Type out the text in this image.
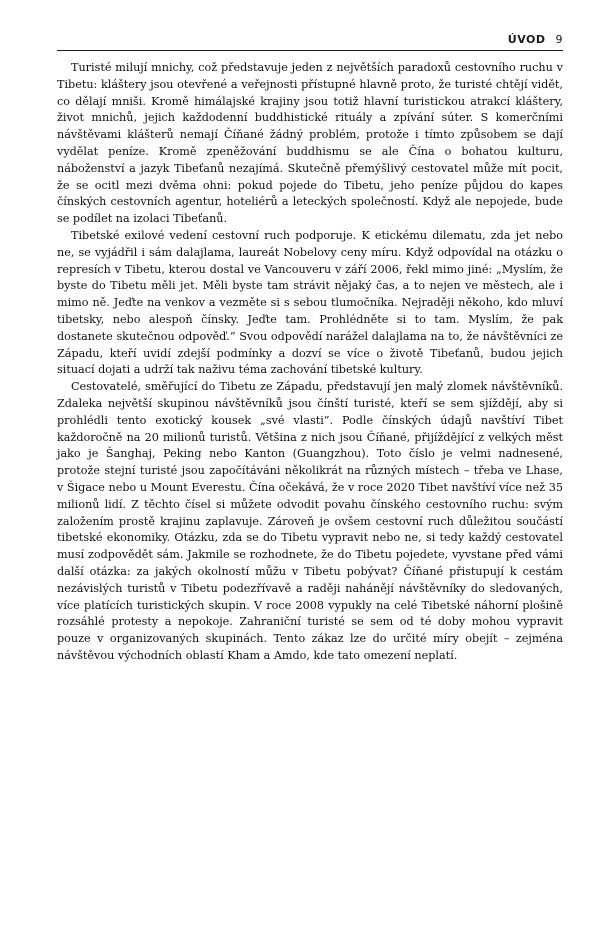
ÚVOD 9

Turisté milují mnichy, což představuje jeden z největších paradoxů cestovního ruchu v Tibetu: kláštery jsou otevřené a veřejnosti přístupné hlavně proto, že turisté chtějí vidět, co dělají mniši. Kromě himálajské krajiny jsou totiž hlavní turistickou atrakcí kláštery, život mnichů, jejich každodenní buddhistické rituály a zpívání súter. S komerčními návštěvami klášterů nemají Číňané žádný problém, protože i tímto způsobem se dají vydělat peníze. Kromě zpeněžování buddhismu se ale Čína o bohatou kulturu, náboženství a jazyk Tibeťanů nezajímá. Skutečně přemýšlivý cestovatel může mít pocit, že se ocitl mezi dvěma ohni: pokud pojede do Tibetu, jeho peníze půjdou do kapes čínských cestovních agentur, hoteliérů a leteckých společností. Když ale nepojede, bude se podílet na izolaci Tibeťanů.

Tibetské exilové vedení cestovní ruch podporuje. K etickému dilematu, zda jet nebo ne, se vyjádřil i sám dalajlama, laureát Nobelovy ceny míru. Když odpovídal na otázku o represích v Tibetu, kterou dostal ve Vancouveru v září 2006, řekl mimo jiné: „Myslím, že byste do Tibetu měli jet. Měli byste tam strávit nějaký čas, a to nejen ve městech, ale i mimo ně. Jeďte na venkov a vezměte si s sebou tlumočníka. Nejraději někoho, kdo mluví tibetsky, nebo alespoň čínsky. Jeďte tam. Prohlédněte si to tam. Myslím, že pak dostanete skutečnou odpověď.“ Svou odpovědí narážel dalajlama na to, že návštěvníci ze Západu, kteří uvidí zdejší podmínky a dozví se více o životě Tibeťanů, budou jejich situací dojati a udrží tak naživu téma zachování tibetské kultury.

Cestovatelé, směřující do Tibetu ze Západu, představují jen malý zlomek návštěvníků. Zdaleka největší skupinou návštěvníků jsou čínští turisté, kteří se sem sjíždějí, aby si prohlédli tento exotický kousek „své vlasti“. Podle čínských údajů navštíví Tibet každoročně na 20 milionů turistů. Většina z nich jsou Číňané, přijíždějící z velkých měst jako je Šanghaj, Peking nebo Kanton (Guangzhou). Toto číslo je velmi nadnesené, protože stejní turisté jsou započítáváni několikrát na různých místech – třeba ve Lhase, v Šigace nebo u Mount Everestu. Čína očekává, že v roce 2020 Tibet navštíví více než 35 milionů lidí. Z těchto čísel si můžete odvodit povahu čínského cestovního ruchu: svým založením prostě krajinu zaplavuje. Zároveň je ovšem cestovní ruch důležitou součástí tibetské ekonomiky. Otázku, zda se do Tibetu vypravit nebo ne, si tedy každý cestovatel musí zodpovědět sám. Jakmile se rozhodnete, že do Tibetu pojedete, vyvstane před vámi další otázka: za jakých okolností můžu v Tibetu pobývat? Číňané přistupují k cestám nezávislých turistů v Tibetu podezřívavě a raději nahánějí návštěvníky do sledovaných, více platících turistických skupin. V roce 2008 vypukly na celé Tibetské náhorní plošině rozsáhlé protesty a nepokoje. Zahraniční turisté se sem od té doby mohou vypravit pouze v organizovaných skupinách. Tento zákaz lze do určité míry obejít – zejména návštěvou východních oblastí Kham a Amdo, kde tato omezení neplatí.
